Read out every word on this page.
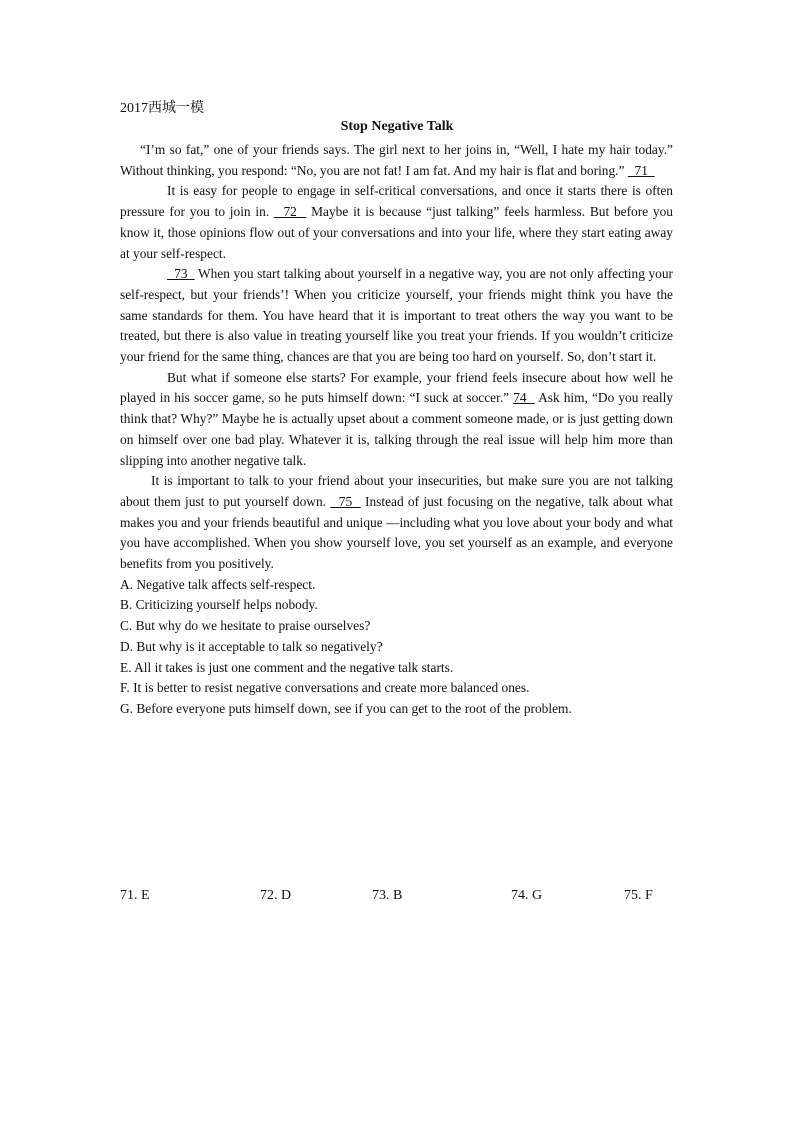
2017西城一模
Stop Negative Talk

“I’m so fat,” one of your friends says. The girl next to her joins in, “Well, I hate my hair today.” Without thinking, you respond: “No, you are not fat! I am fat. And my hair is flat and boring.”   71

It is easy for people to engage in self-critical conversations, and once it starts there is often pressure for you to join in.   72   Maybe it is because “just talking” feels harmless. But before you know it, those opinions flow out of your conversations and into your life, where they start eating away at your self-respect.

73   When you start talking about yourself in a negative way, you are not only affecting your self-respect, but your friends’! When you criticize yourself, your friends might think you have the same standards for them. You have heard that it is important to treat others the way you want to be treated, but there is also value in treating yourself like you treat your friends. If you wouldn’t criticize your friend for the same thing, chances are that you are being too hard on yourself. So, don’t start it.

But what if someone else starts? For example, your friend feels insecure about how well he played in his soccer game, so he puts himself down: “I suck at soccer.” 74   Ask him, “Do you really think that? Why?” Maybe he is actually upset about a comment someone made, or is just getting down on himself over one bad play. Whatever it is, talking through the real issue will help him more than slipping into another negative talk.

It is important to talk to your friend about your insecurities, but make sure you are not talking about them just to put yourself down.   75   Instead of just focusing on the negative, talk about what makes you and your friends beautiful and unique —including what you love about your body and what you have accomplished. When you show yourself love, you set yourself as an example, and everyone benefits from you positively.

A. Negative talk affects self-respect.

B. Criticizing yourself helps nobody.

C. But why do we hesitate to praise ourselves?

D. But why is it acceptable to talk so negatively?

E. All it takes is just one comment and the negative talk starts.

F. It is better to resist negative conversations and create more balanced ones.

G. Before everyone puts himself down, see if you can get to the root of the problem.

71. E	72. D	73. B	74. G	75. F
